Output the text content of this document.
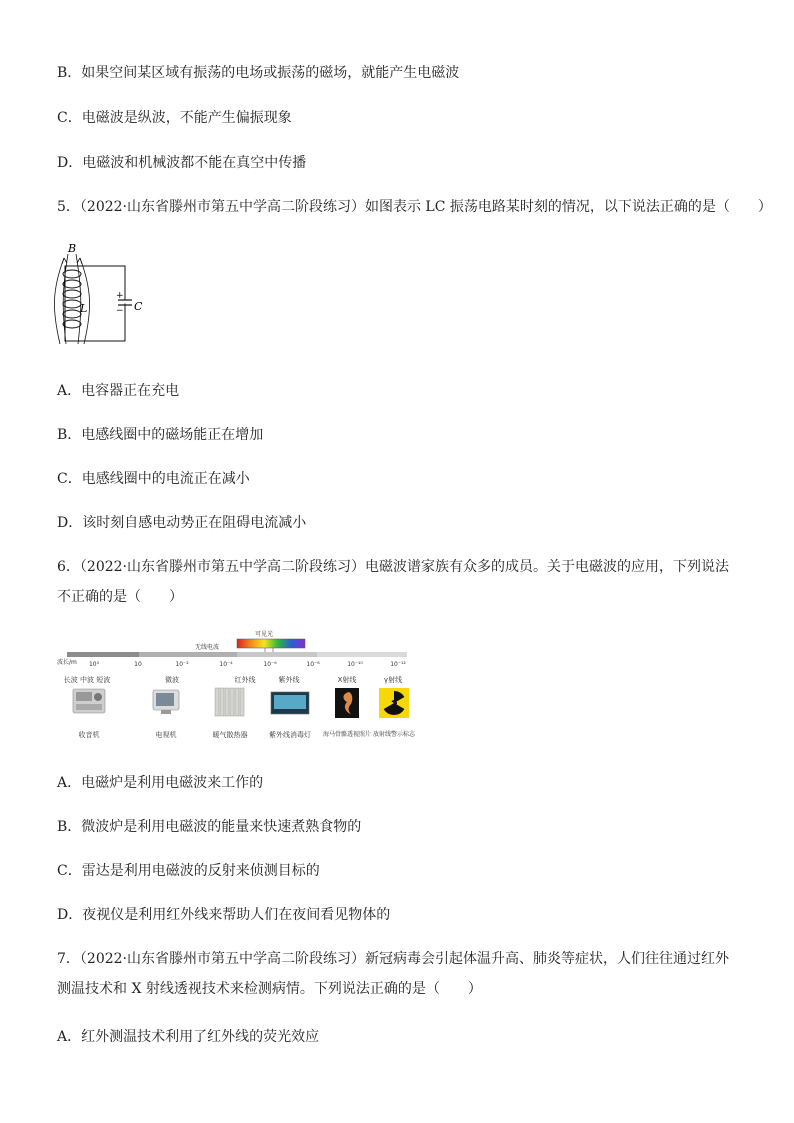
B．如果空间某区域有振荡的电场或振荡的磁场，就能产生电磁波
C．电磁波是纵波，不能产生偏振现象
D．电磁波和机械波都不能在真空中传播
5．（2022·山东省滕州市第五中学高二阶段练习）如图表示 LC 振荡电路某时刻的情况，以下说法正确的是（　　）
+
− C
B
L
A．电容器正在充电
B．电感线圈中的磁场能正在增加
C．电感线圈中的电流正在减小
D．该时刻自感电动势正在阻碍电流减小
6．（2022·山东省滕州市第五中学高二阶段练习）电磁波谱家族有众多的成员。关于电磁波的应用，下列说法不正确的是（　　）
可见光
无线电波
波长/m 10³	10	10⁻²	10⁻⁴	10⁻⁶	10⁻⁸	10⁻¹⁰	10⁻¹²
长波 中波 短波	微波	红外线	紫外线	X射线	γ射线
收音机	电视机	暖气散热器	紫外线消毒灯 海马骨骼透视照片 放射线警示标志
A．电磁炉是利用电磁波来工作的
B．微波炉是利用电磁波的能量来快速煮熟食物的
C．雷达是利用电磁波的反射来侦测目标的
D．夜视仪是利用红外线来帮助人们在夜间看见物体的
7．（2022·山东省滕州市第五中学高二阶段练习）新冠病毒会引起体温升高、肺炎等症状，人们往往通过红外测温技术和 X 射线透视技术来检测病情。下列说法正确的是（　　）
A．红外测温技术利用了红外线的荧光效应
